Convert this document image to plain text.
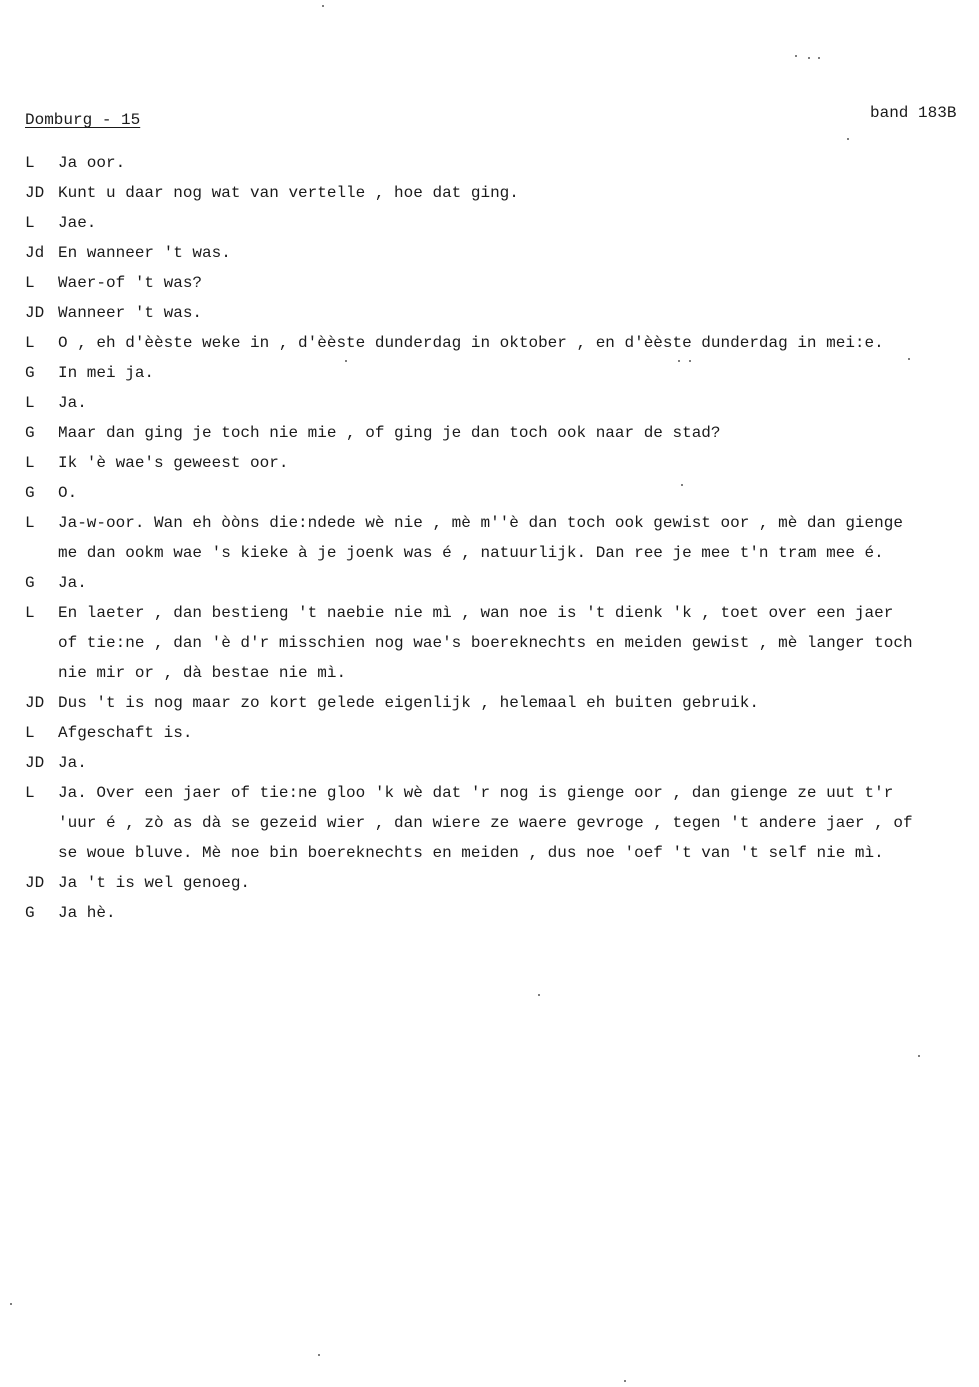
Domburg - 15	band 183B
L	Ja oor.
JD Kunt u daar nog wat van vertelle , hoe dat ging.
L	Jae.
Jd En wanneer 't was.
L	Waer-of 't was?
JD Wanneer 't was.
L	O , eh d'èèste weke in , d'èèste dunderdag in oktober , en d'èèste dunderdag in mei:e.
G	In mei ja.
L	Ja.
G	Maar dan ging je toch nie mie , of ging je dan toch ook naar de stad?
L	Ik 'è wae's geweest oor.
G	O.
L	Ja-w-oor. Wan eh òòns die:ndede wè nie , mè m''è dan toch ook gewist oor , mè dan gienge
me dan ookm wae 's kieke à je joenk was é , natuurlijk. Dan ree je mee t'n tram mee é.
G	Ja.
L	En laeter , dan bestieng 't naebie nie mì , wan noe is 't dienk 'k , toet over een jaer
of tie:ne , dan 'è d'r misschien nog wae's boereknechts en meiden gewist , mè langer toch
nie mir or , dà bestae nie mì.
JD Dus 't is nog maar zo kort gelede eigenlijk , helemaal eh buiten gebruik.
L	Afgeschaft is.
JD Ja.
L	Ja. Over een jaer of tie:ne gloo 'k wè dat 'r nog is gienge oor , dan gienge ze uut t'r
'uur é , zò as dà se gezeid wier , dan wiere ze waere gevroge , tegen 't andere jaer , of
se woue bluve. Mè noe bin boereknechts en meiden , dus noe 'oef 't van 't self nie mì.
JD Ja 't is wel genoeg.
G	Ja hè.
